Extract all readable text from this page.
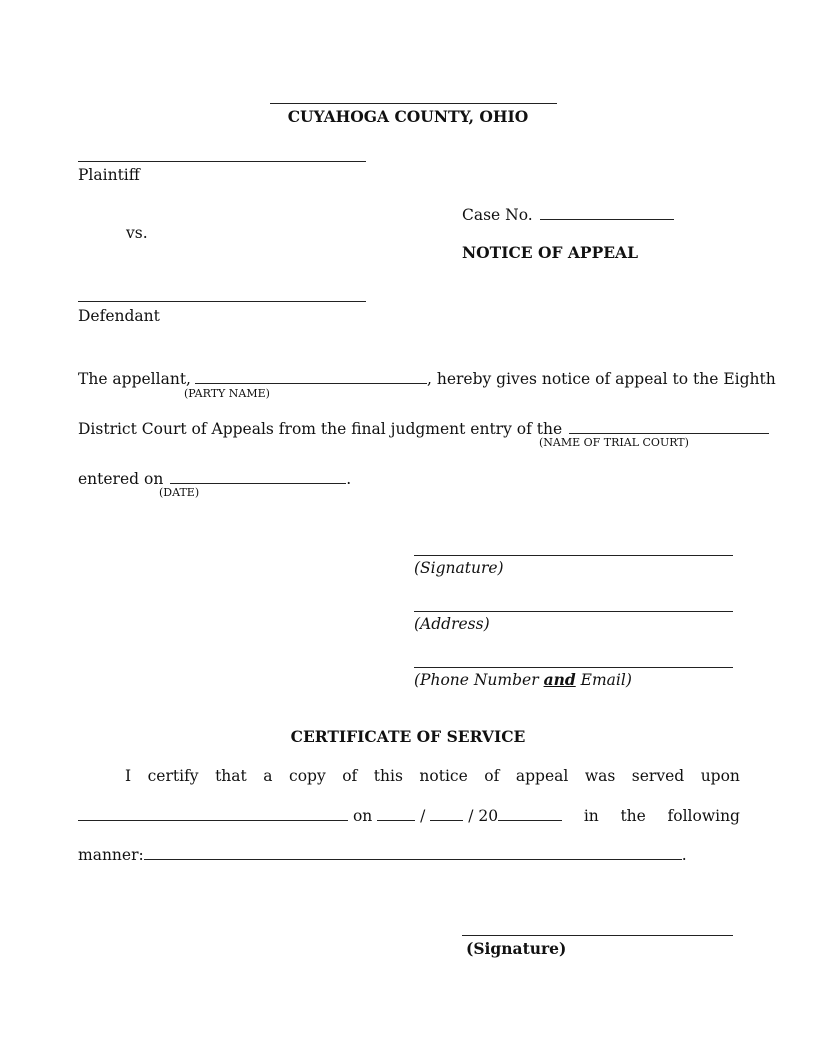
CUYAHOGA COUNTY, OHIO
Plaintiff
Case No.
vs.
NOTICE OF APPEAL
Defendant
The appellant,	, hereby gives notice of appeal to the Eighth
(PARTY NAME)
District Court of Appeals from the final judgment entry of the
(NAME OF TRIAL COURT)
entered on	.
(DATE)
(Signature)
(Address)
(Phone Number and Email)
CERTIFICATE OF SERVICE
I certify that a copy of this notice of appeal was served upon
on	/	/ 20	in the following
manner:	.
(Signature)
